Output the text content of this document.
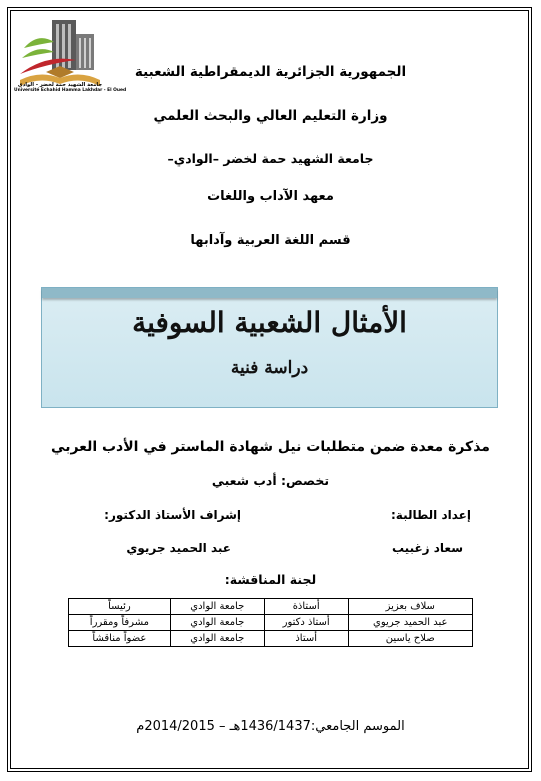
جامعة الشهيد حمة لخضر - الوادي
Université Echahid Hamma Lakhdar - El Oued
الجمهورية الجزائرية الديمقراطية الشعبية
وزارة التعليم العالي والبحث العلمي
جامعة الشهيد حمة لخضر –الوادي–
معهد الآداب واللغات
قسم اللغة العربية وآدابها
الأمثال الشعبية السوفية
دراسة فنية
مذكرة معدة ضمن متطلبات نيل شهادة الماستر في الأدب العربي
تخصص: أدب شعبي
إعداد الطالبة:
إشراف الأستاذ الدكتور:
سعاد زغبيب
عبد الحميد جريوي
لجنة المناقشة:
سلاف بعزيز	أستاذة	جامعة الوادي	رئيساً
عبد الحميد جريوي	أستاذ دكتور	جامعة الوادي	مشرفاً ومقرراً
صلاح ياسين	أستاذ	جامعة الوادي	عضواً مناقشاً
الموسم الجامعي:1436/1437هـ – 2014/2015م
